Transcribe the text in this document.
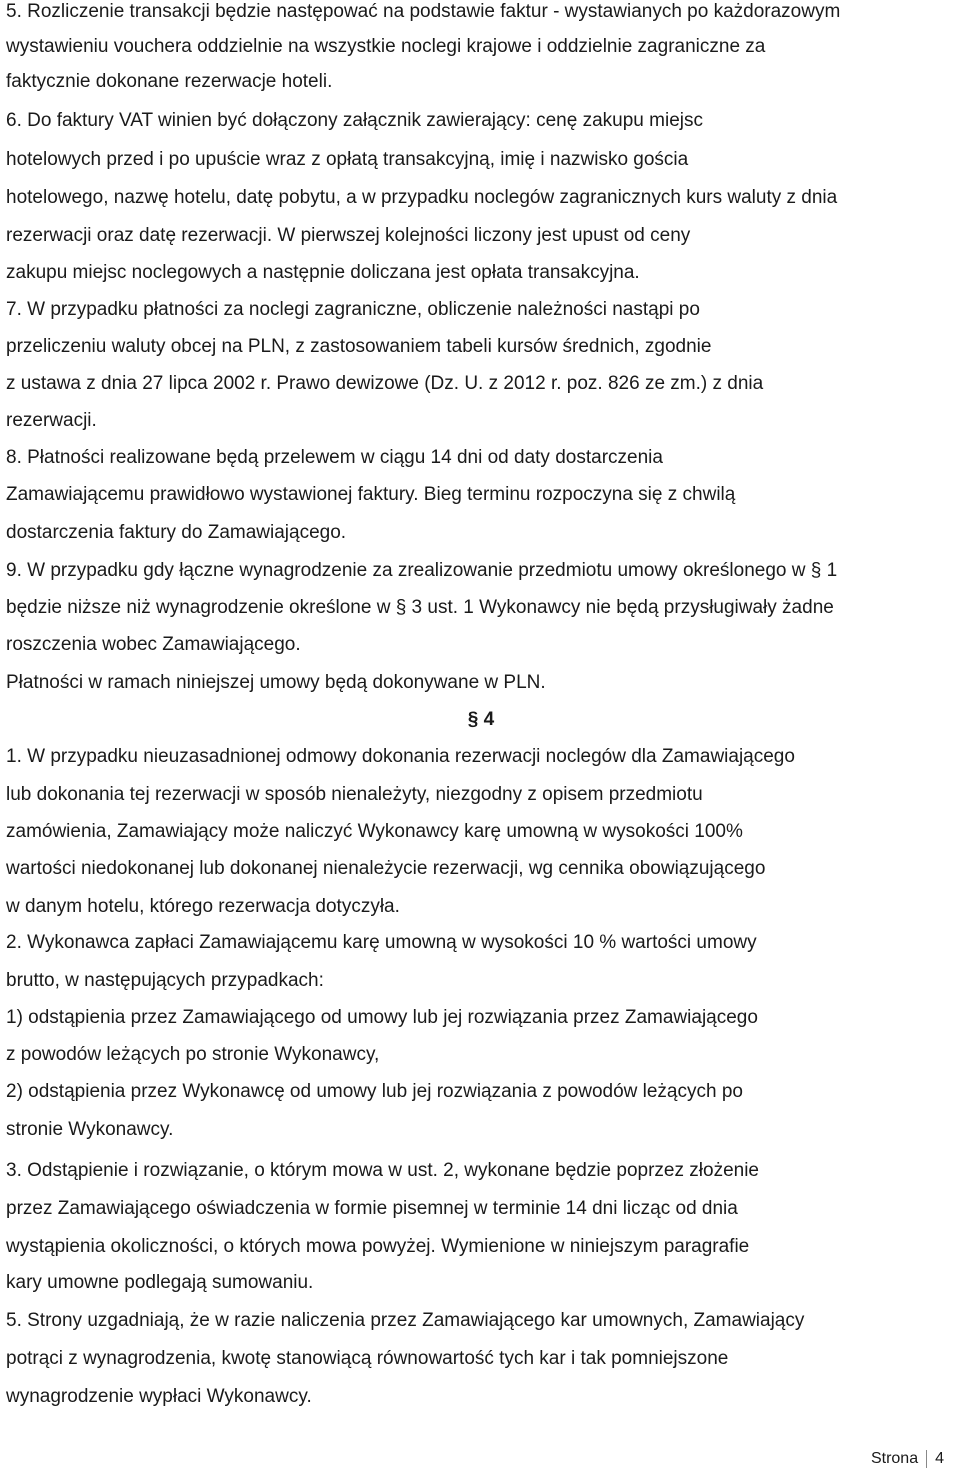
5. Rozliczenie transakcji będzie następować na podstawie faktur - wystawianych po każdorazowym
wystawieniu vouchera oddzielnie na wszystkie noclegi krajowe i oddzielnie zagraniczne za
faktycznie dokonane rezerwacje hoteli.
6. Do faktury VAT winien być dołączony załącznik zawierający: cenę zakupu miejsc
hotelowych przed i po upuście wraz z opłatą transakcyjną, imię i nazwisko gościa
hotelowego, nazwę hotelu, datę pobytu, a w przypadku noclegów zagranicznych kurs waluty z dnia
rezerwacji oraz datę rezerwacji. W pierwszej kolejności liczony jest upust od ceny
zakupu miejsc noclegowych a następnie doliczana jest opłata transakcyjna.
7. W przypadku płatności za noclegi zagraniczne, obliczenie należności nastąpi po
przeliczeniu waluty obcej na PLN, z zastosowaniem tabeli kursów średnich, zgodnie
z ustawa z dnia 27 lipca 2002 r. Prawo dewizowe (Dz. U. z 2012 r. poz. 826 ze zm.) z dnia
rezerwacji.
8. Płatności realizowane będą przelewem w ciągu 14 dni od daty dostarczenia
Zamawiającemu prawidłowo wystawionej faktury. Bieg terminu rozpoczyna się z chwilą
dostarczenia faktury do Zamawiającego.
9. W przypadku gdy łączne wynagrodzenie za zrealizowanie przedmiotu umowy określonego w § 1
będzie niższe niż wynagrodzenie określone w § 3 ust. 1 Wykonawcy nie będą przysługiwały żadne
roszczenia wobec Zamawiającego.
Płatności w ramach niniejszej umowy będą dokonywane w PLN.
§ 4
1. W przypadku nieuzasadnionej odmowy dokonania rezerwacji noclegów dla Zamawiającego
lub dokonania tej rezerwacji w sposób nienależyty, niezgodny z opisem przedmiotu
zamówienia, Zamawiający może naliczyć Wykonawcy karę umowną w wysokości 100%
wartości niedokonanej lub dokonanej nienależycie rezerwacji, wg cennika obowiązującego
w danym hotelu, którego rezerwacja dotyczyła.
2. Wykonawca zapłaci Zamawiającemu karę umowną w wysokości 10 % wartości umowy
brutto, w następujących przypadkach:
1) odstąpienia przez Zamawiającego od umowy lub jej rozwiązania przez Zamawiającego
z powodów leżących po stronie Wykonawcy,
2) odstąpienia przez Wykonawcę od umowy lub jej rozwiązania z powodów leżących po
stronie Wykonawcy.
3. Odstąpienie i rozwiązanie, o którym mowa w ust. 2, wykonane będzie poprzez złożenie
przez Zamawiającego oświadczenia w formie pisemnej w terminie 14 dni licząc od dnia
wystąpienia okoliczności, o których mowa powyżej. Wymienione w niniejszym paragrafie
kary umowne podlegają sumowaniu.
5. Strony uzgadniają, że w razie naliczenia przez Zamawiającego kar umownych, Zamawiający
potrąci z wynagrodzenia, kwotę stanowiącą równowartość tych kar i tak pomniejszone
wynagrodzenie wypłaci Wykonawcy.
Strona 4
